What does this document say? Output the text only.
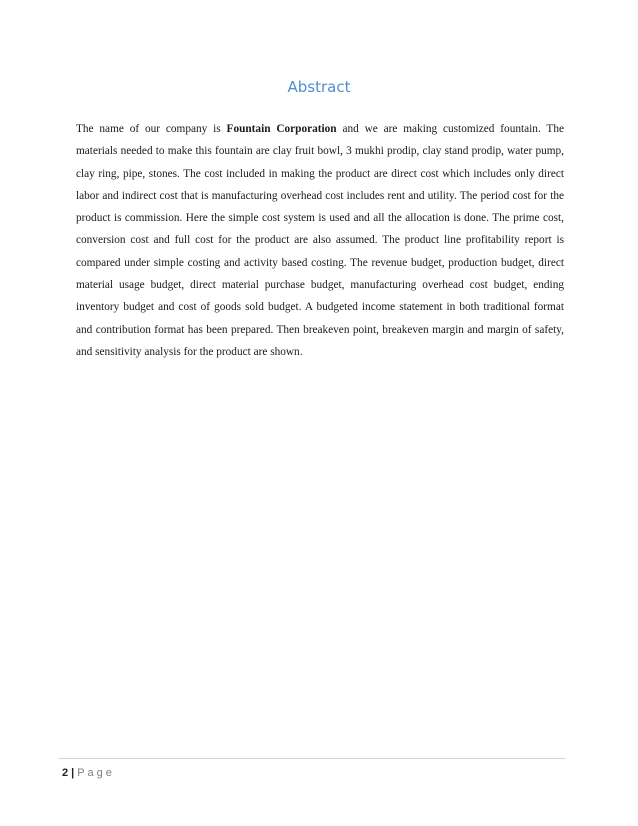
Abstract

The name of our company is Fountain Corporation and we are making customized fountain. The materials needed to make this fountain are clay fruit bowl, 3 mukhi prodip, clay stand prodip, water pump, clay ring, pipe, stones. The cost included in making the product are direct cost which includes only direct labor and indirect cost that is manufacturing overhead cost includes rent and utility. The period cost for the product is commission. Here the simple cost system is used and all the allocation is done. The prime cost, conversion cost and full cost for the product are also assumed. The product line profitability report is compared under simple costing and activity based costing. The revenue budget, production budget, direct material usage budget, direct material purchase budget, manufacturing overhead cost budget, ending inventory budget and cost of goods sold budget. A budgeted income statement in both traditional format and contribution format has been prepared. Then breakeven point, breakeven margin and margin of safety, and sensitivity analysis for the product are shown.

2 | Page
